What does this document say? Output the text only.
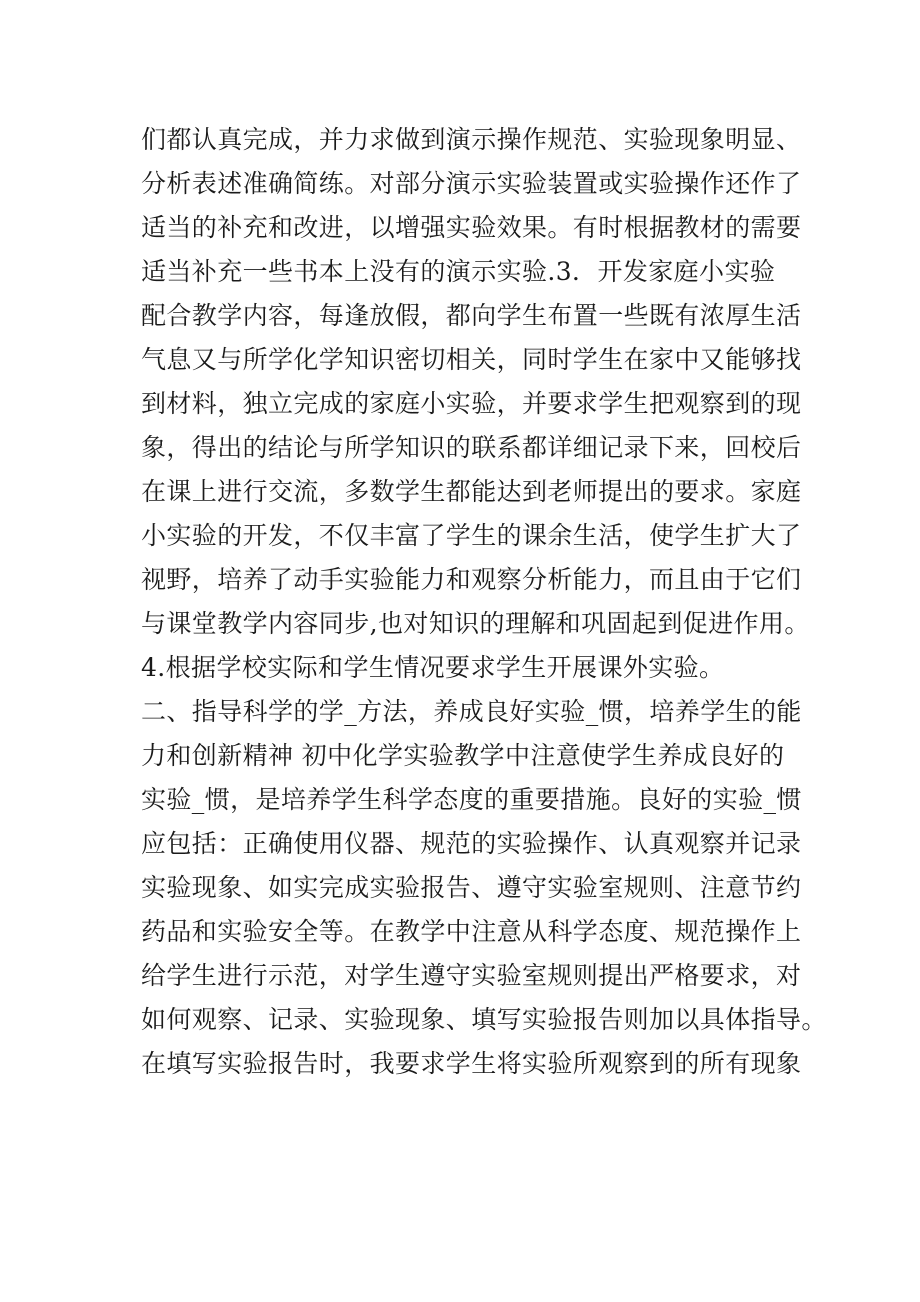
们都认真完成，并力求做到演示操作规范、实验现象明显、
分析表述准确简练。对部分演示实验装置或实验操作还作了
适当的补充和改进，以增强实验效果。有时根据教材的需要
适当补充一些书本上没有的演示实验.3．开发家庭小实验
配合教学内容，每逢放假，都向学生布置一些既有浓厚生活
气息又与所学化学知识密切相关，同时学生在家中又能够找
到材料，独立完成的家庭小实验，并要求学生把观察到的现
象，得出的结论与所学知识的联系都详细记录下来，回校后
在课上进行交流，多数学生都能达到老师提出的要求。家庭
小实验的开发，不仅丰富了学生的课余生活，使学生扩大了
视野，培养了动手实验能力和观察分析能力，而且由于它们
与课堂教学内容同步,也对知识的理解和巩固起到促进作用。
4.根据学校实际和学生情况要求学生开展课外实验。
二、指导科学的学_方法，养成良好实验_惯，培养学生的能
力和创新精神 初中化学实验教学中注意使学生养成良好的
实验_惯，是培养学生科学态度的重要措施。良好的实验_惯
应包括：正确使用仪器、规范的实验操作、认真观察并记录
实验现象、如实完成实验报告、遵守实验室规则、注意节约
药品和实验安全等。在教学中注意从科学态度、规范操作上
给学生进行示范，对学生遵守实验室规则提出严格要求，对
如何观察、记录、实验现象、填写实验报告则加以具体指导。
在填写实验报告时，我要求学生将实验所观察到的所有现象
